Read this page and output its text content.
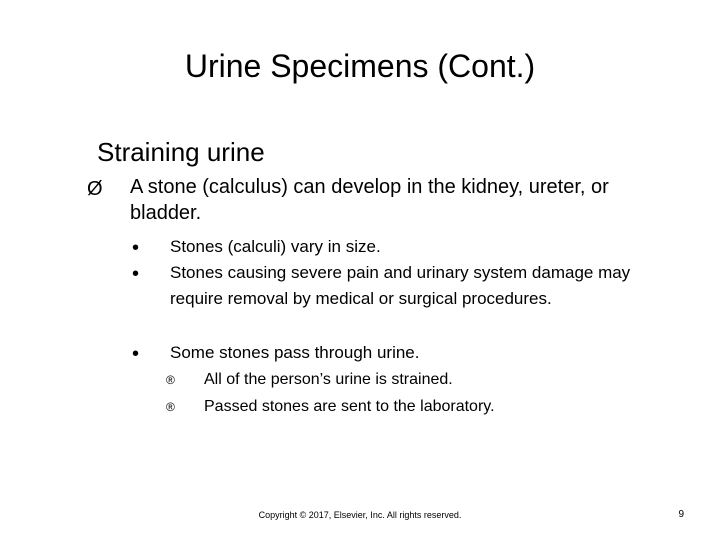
Urine Specimens (Cont.)
Straining urine
Ø A stone (calculus) can develop in the kidney, ureter, or bladder.
• Stones (calculi) vary in size.
• Stones causing severe pain and urinary system damage may require removal by medical or surgical procedures.
• Some stones pass through urine.
® All of the person’s urine is strained.
® Passed stones are sent to the laboratory.
Copyright © 2017, Elsevier, Inc. All rights reserved.	9
